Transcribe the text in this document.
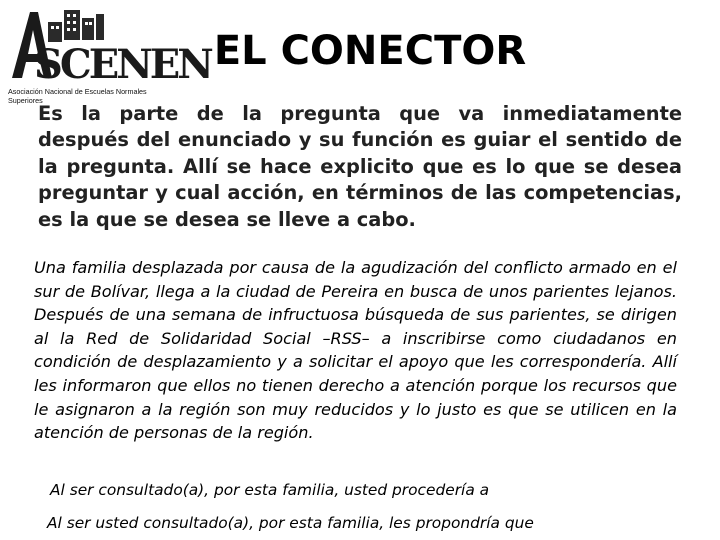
SCENEN
Asociación Nacional de Escuelas Normales Superiores
EL CONECTOR

Es la parte de la pregunta que va inmediatamente después del enunciado y su función es guiar el sentido de la pregunta. Allí se hace explicito que es lo que se desea preguntar y cual acción, en términos de las competencias, es la que se desea se lleve a cabo.

Una familia desplazada por causa de la agudización del conflicto armado en el sur de Bolívar, llega a la ciudad de Pereira en busca de unos parientes lejanos. Después de una semana de infructuosa búsqueda de sus parientes, se dirigen al la Red de Solidaridad Social –RSS– a inscribirse como ciudadanos en condición de desplazamiento y a solicitar el apoyo que les correspondería. Allí les informaron que ellos no tienen derecho a atención porque los recursos que le asignaron a la región son muy reducidos y lo justo es que se utilicen en la atención de personas de la región.

Al ser consultado(a), por esta familia, usted procedería a

Al ser usted consultado(a), por esta familia, les propondría que
